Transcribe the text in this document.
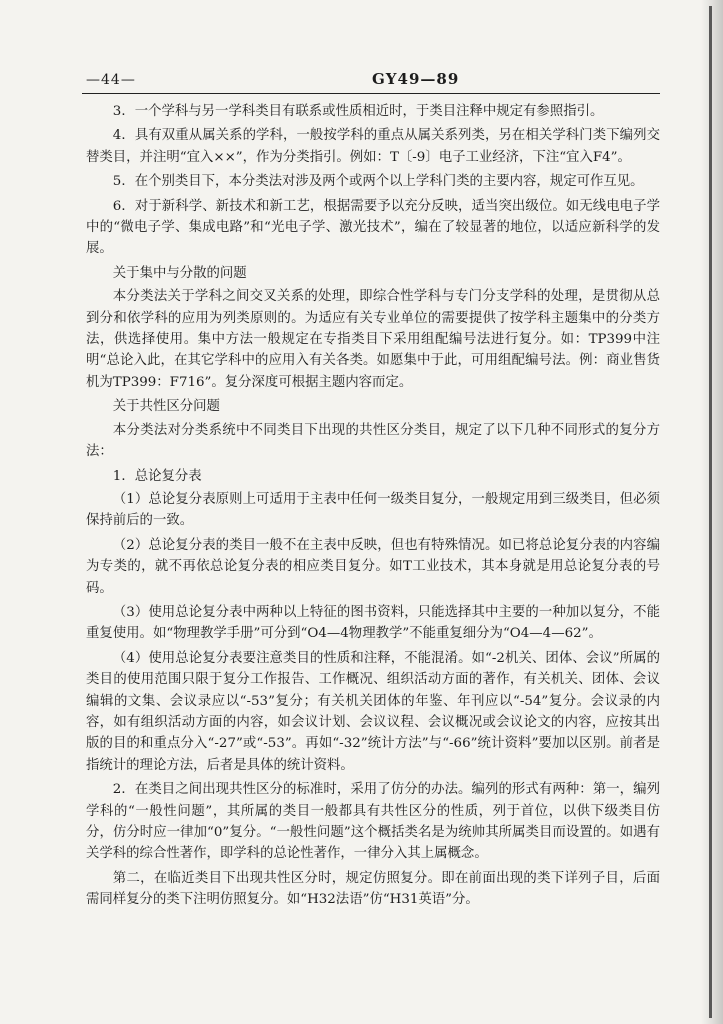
—44—	GY49—89

3．一个学科与另一学科类目有联系或性质相近时，于类目注释中规定有参照指引。

4．具有双重从属关系的学科，一般按学科的重点从属关系列类，另在相关学科门类下编列交替类目，并注明“宜入××”，作为分类指引。例如：T〔-9〕电子工业经济，下注“宜入F4”。

5．在个别类目下，本分类法对涉及两个或两个以上学科门类的主要内容，规定可作互见。

6．对于新科学、新技术和新工艺，根据需要予以充分反映，适当突出级位。如无线电电子学中的“微电子学、集成电路”和“光电子学、激光技术”，编在了较显著的地位，以适应新科学的发展。

关于集中与分散的问题

本分类法关于学科之间交叉关系的处理，即综合性学科与专门分支学科的处理，是贯彻从总到分和依学科的应用为列类原则的。为适应有关专业单位的需要提供了按学科主题集中的分类方法，供选择使用。集中方法一般规定在专指类目下采用组配编号法进行复分。如：TP399中注明“总论入此，在其它学科中的应用入有关各类。如愿集中于此，可用组配编号法。例：商业售货机为TP399：F716”。复分深度可根据主题内容而定。

关于共性区分问题

本分类法对分类系统中不同类目下出现的共性区分类目，规定了以下几种不同形式的复分方法：

1．总论复分表

（1）总论复分表原则上可适用于主表中任何一级类目复分，一般规定用到三级类目，但必须保持前后的一致。

（2）总论复分表的类目一般不在主表中反映，但也有特殊情况。如已将总论复分表的内容编为专类的，就不再依总论复分表的相应类目复分。如T工业技术，其本身就是用总论复分表的号码。

（3）使用总论复分表中两种以上特征的图书资料，只能选择其中主要的一种加以复分，不能重复使用。如“物理教学手册”可分到“O4—4物理教学”不能重复细分为“O4—4—62”。

（4）使用总论复分表要注意类目的性质和注释，不能混淆。如“-2机关、团体、会议”所属的类目的使用范围只限于复分工作报告、工作概况、组织活动方面的著作，有关机关、团体、会议编辑的文集、会议录应以“-53”复分；有关机关团体的年鉴、年刊应以“-54”复分。会议录的内容，如有组织活动方面的内容，如会议计划、会议议程、会议概况或会议论文的内容，应按其出版的目的和重点分入“-27”或“-53”。再如“-32”统计方法”与“-66”统计资料”要加以区别。前者是指统计的理论方法，后者是具体的统计资料。

2．在类目之间出现共性区分的标准时，采用了仿分的办法。编列的形式有两种：第一，编列学科的“一般性问题”，其所属的类目一般都具有共性区分的性质，列于首位，以供下级类目仿分，仿分时应一律加“0”复分。“一般性问题”这个概括类名是为统帅其所属类目而设置的。如遇有关学科的综合性著作，即学科的总论性著作，一律分入其上属概念。

第二，在临近类目下出现共性区分时，规定仿照复分。即在前面出现的类下详列子目，后面需同样复分的类下注明仿照复分。如“H32法语”仿“H31英语”分。
